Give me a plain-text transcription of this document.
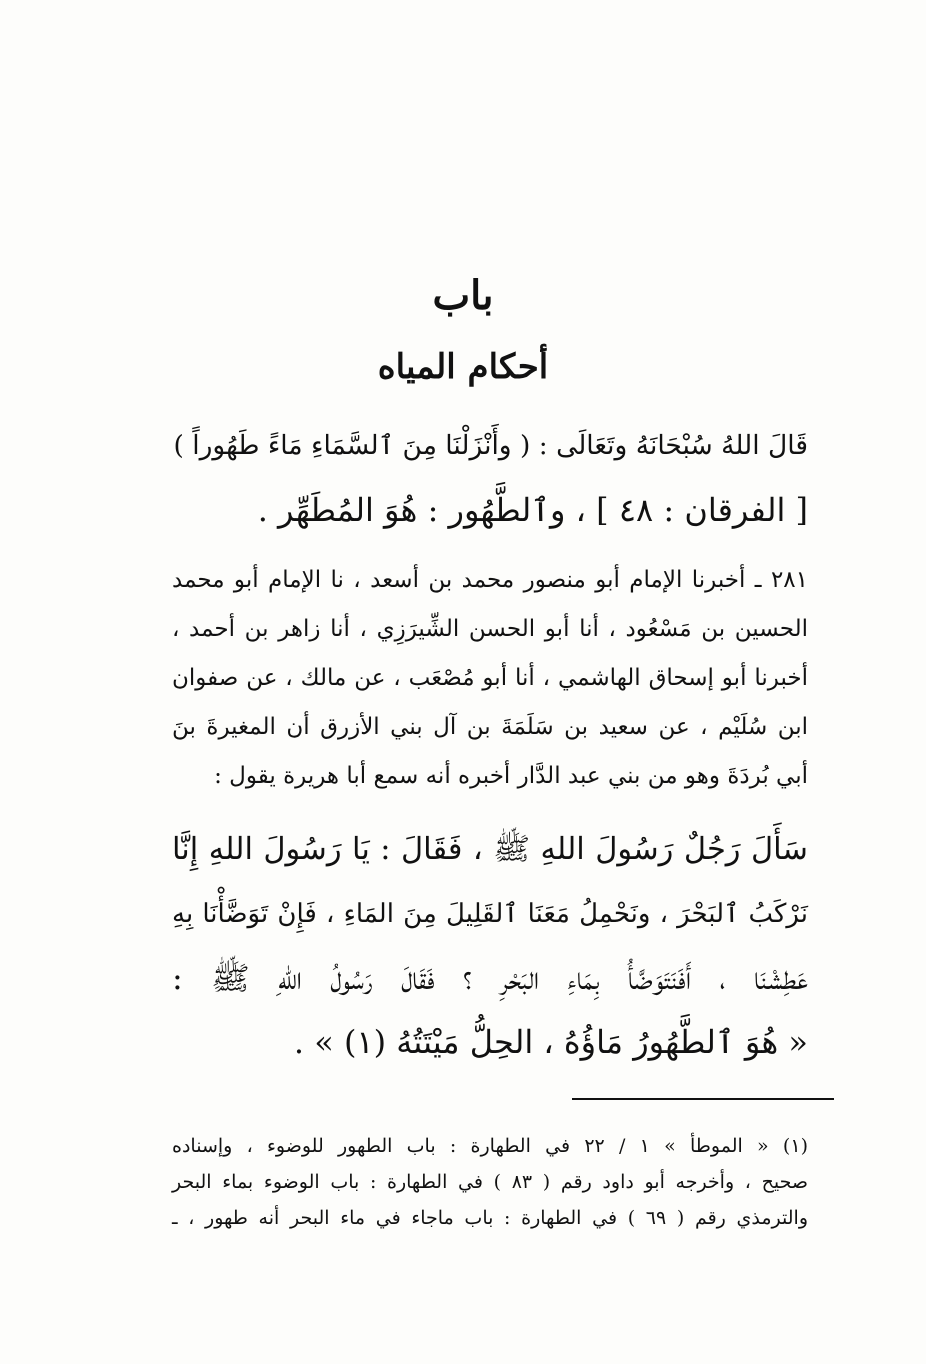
باب
أحكام المياه
قَالَ اللهُ سُبْحَانَهُ وتَعَالَى : ( وأَنْزَلْنَا مِنَ ٱلسَّمَاءِ مَاءً طَهُوراً )
[ الفرقان : ٤٨ ] ، وٱلطَّهُور : هُوَ المُطَهِّر .
٢٨١ ـ أخبرنا الإمام أبو منصور محمد بن أسعد ، نا الإمام أبو محمد
الحسين بن مَسْعُود ، أنا أبو الحسن الشِّيرَزِي ، أنا زاهر بن أحمد ،
أخبرنا أبو إسحاق الهاشمي ، أنا أبو مُصْعَب ، عن مالك ، عن صفوان
ابن سُلَيْم ، عن سعيد بن سَلَمَةَ بن آل بني الأزرق أن المغيرةَ بنَ
أبي بُردَةَ وهو من بني عبد الدَّار أخبره أنه سمع أبا هريرة يقول :
سَأَلَ رَجُلٌ رَسُولَ اللهِ ﷺ ، فَقَالَ : يَا رَسُولَ اللهِ إِنَّا
نَرْكَبُ ٱلبَحْرَ ، ونَحْمِلُ مَعَنَا ٱلقَلِيلَ مِنَ المَاءِ ، فَإِنْ تَوَضَّأْنَا بِهِ
عَطِشْنَا ، أَفَنَتَوَضَّأُ بِمَاءِ البَحْرِ ؟ فَقَالَ رَسُولُ اللهِ ﷺ :
« هُوَ ٱلطَّهُورُ مَاؤُهُ ، الحِلُّ مَيْتَتُهُ (١) » .
(١) « الموطأ » ١ / ٢٢ في الطهارة : باب الطهور للوضوء ، وإسناده
صحيح ، وأخرجه أبو داود رقم ( ٨٣ ) في الطهارة : باب الوضوء بماء البحر
والترمذي رقم ( ٦٩ ) في الطهارة : باب ماجاء في ماء البحر أنه طهور ، ـ
